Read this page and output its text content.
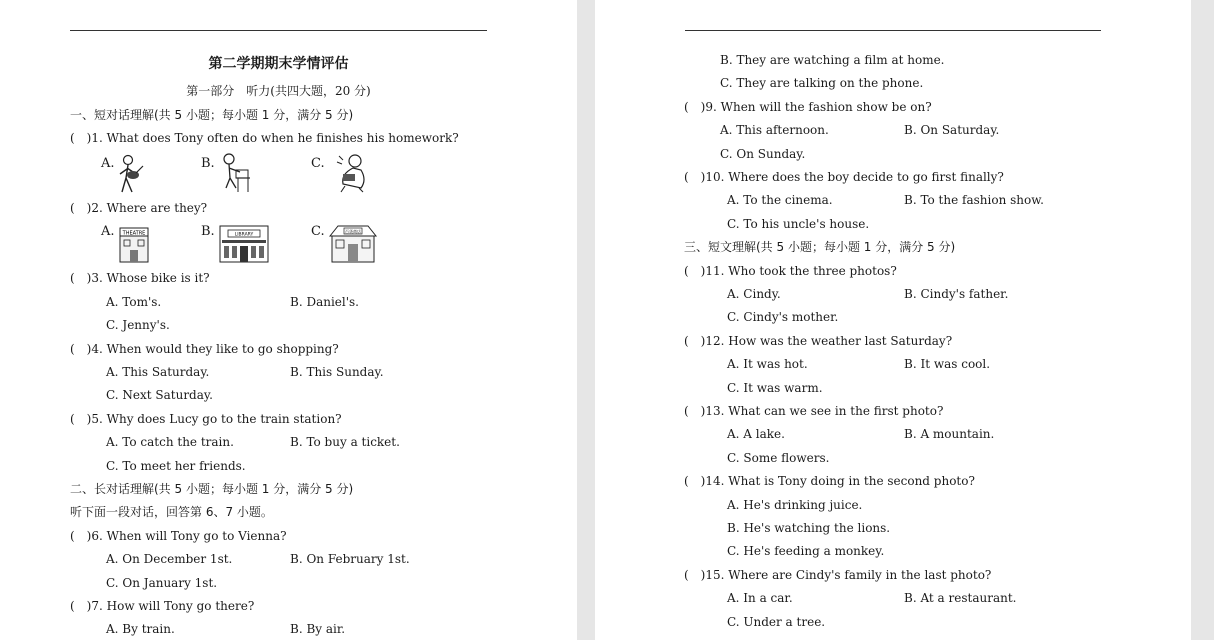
第二学期期末学情评估
第一部分　听力(共四大题，20 分)
一、短对话理解(共 5 小题；每小题 1 分，满分 5 分)
(　)1. What does Tony often do when he finishes his homework?
A.	B.	C.
(　)2. Where are they?
A. THEATRE	B.	LIBRARY	C.	百货商店
(　)3. Whose bike is it?
A. Tom's.	B. Daniel's.
C. Jenny's.
(　)4. When would they like to go shopping?
A. This Saturday.	B. This Sunday.
C. Next Saturday.
(　)5. Why does Lucy go to the train station?
A. To catch the train.	B. To buy a ticket.
C. To meet her friends.
二、长对话理解(共 5 小题；每小题 1 分，满分 5 分)
听下面一段对话，回答第 6、7 小题。
(　)6. When will Tony go to Vienna?
A. On December 1st.	B. On February 1st.
C. On January 1st.
(　)7. How will Tony go there?
A. By train.	B. By air.
B. They are watching a film at home.
C. They are talking on the phone.
(　)9. When will the fashion show be on?
A. This afternoon.	B. On Saturday.
C. On Sunday.
(　)10. Where does the boy decide to go first finally?
A. To the cinema.	B. To the fashion show.
C. To his uncle's house.
三、短文理解(共 5 小题；每小题 1 分，满分 5 分)
(　)11. Who took the three photos?
A. Cindy.	B. Cindy's father.
C. Cindy's mother.
(　)12. How was the weather last Saturday?
A. It was hot.	B. It was cool.
C. It was warm.
(　)13. What can we see in the first photo?
A. A lake.	B. A mountain.
C. Some flowers.
(　)14. What is Tony doing in the second photo?
A. He's drinking juice.
B. He's watching the lions.
C. He's feeding a monkey.
(　)15. Where are Cindy's family in the last photo?
A. In a car.	B. At a restaurant.
C. Under a tree.
